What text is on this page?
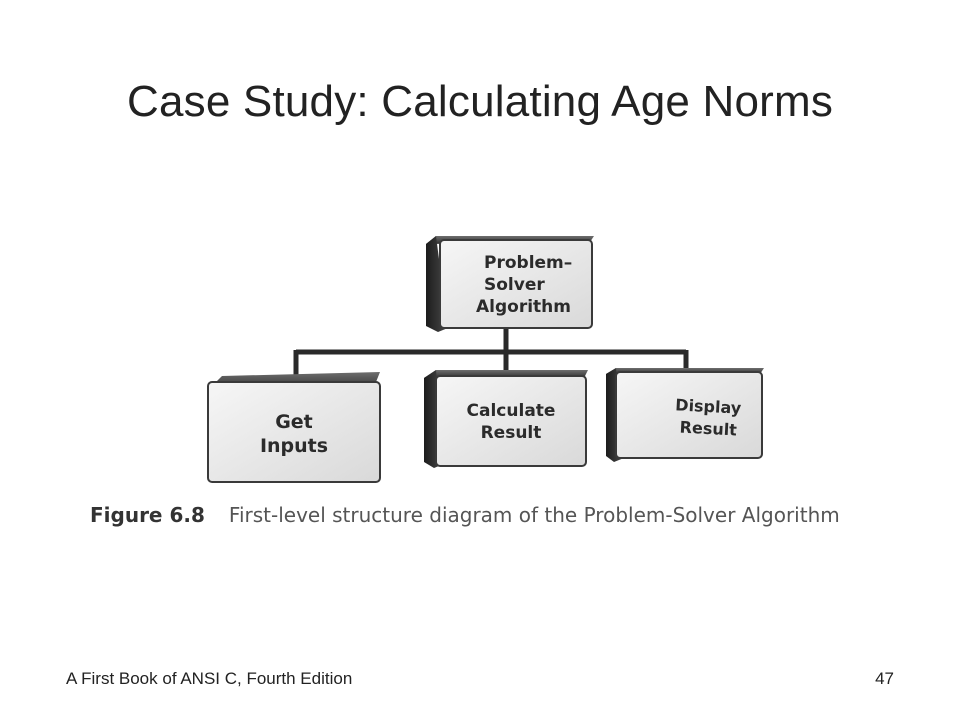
Case Study: Calculating Age Norms
Problem–
Solver
Algorithm
Get
Inputs
Calculate
Result
Display
Result
Figure 6.8 First-level structure diagram of the Problem-Solver Algorithm
A First Book of ANSI C, Fourth Edition	47
